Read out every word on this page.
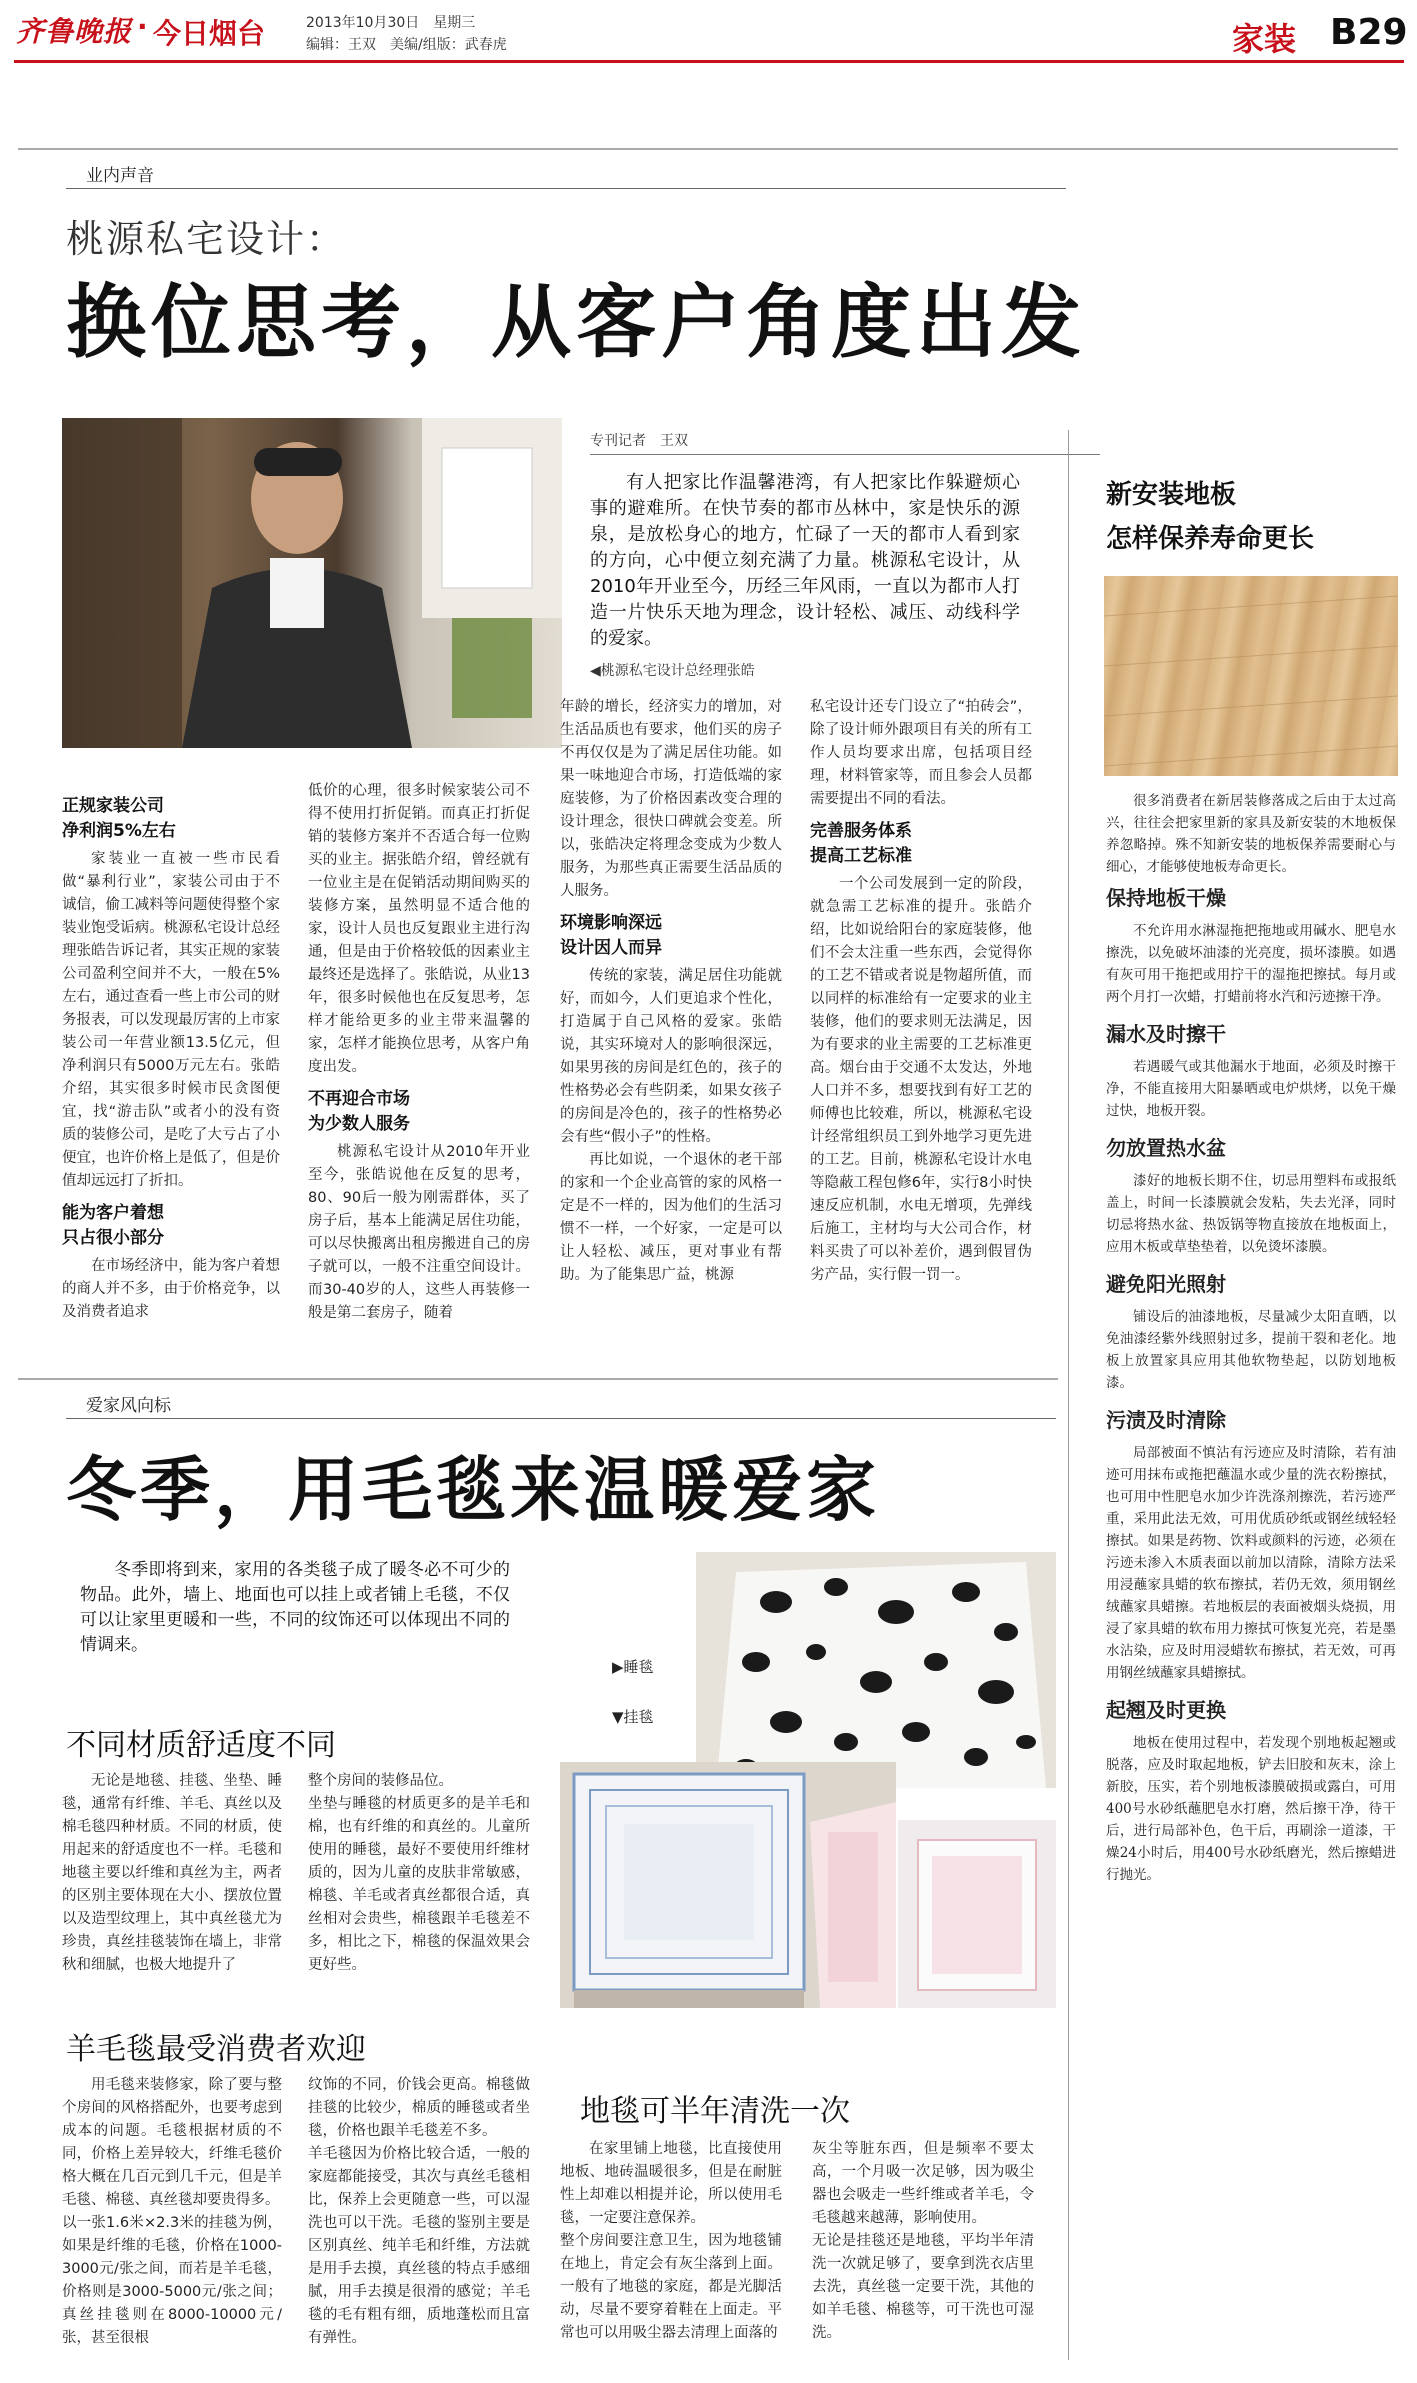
齐鲁晚报 · 今日烟台	2013年10月30日　星期三
编辑：王双　美编/组版：武春虎	家装 B29
业内声音
桃源私宅设计：
换位思考，从客户角度出发
专刊记者　王双
有人把家比作温馨港湾，有人把家比作躲避烦心事的避难所。在快节奏的都市丛林中，家是快乐的源泉，是放松身心的地方，忙碌了一天的都市人看到家的方向，心中便立刻充满了力量。桃源私宅设计，从2010年开业至今，历经三年风雨，一直以为都市人打造一片快乐天地为理念，设计轻松、减压、动线科学的爱家。
◀桃源私宅设计总经理张皓
正规家装公司
净利润5%左右

家装业一直被一些市民看做“暴利行业”，家装公司由于不诚信，偷工减料等问题使得整个家装业饱受诟病。桃源私宅设计总经理张皓告诉记者，其实正规的家装公司盈利空间并不大，一般在5%左右，通过查看一些上市公司的财务报表，可以发现最厉害的上市家装公司一年营业额13.5亿元，但净利润只有5000万元左右。张皓介绍，其实很多时候市民贪图便宜，找“游击队”或者小的没有资质的装修公司，是吃了大亏占了小便宜，也许价格上是低了，但是价值却远远打了折扣。

能为客户着想
只占很小部分

在市场经济中，能为客户着想的商人并不多，由于价格竞争，以及消费者追求

低价的心理，很多时候家装公司不得不使用打折促销。而真正打折促销的装修方案并不否适合每一位购买的业主。据张皓介绍，曾经就有一位业主是在促销活动期间购买的装修方案，虽然明显不适合他的家，设计人员也反复跟业主进行沟通，但是由于价格较低的因素业主最终还是选择了。张皓说，从业13年，很多时候他也在反复思考，怎样才能给更多的业主带来温馨的家，怎样才能换位思考，从客户角度出发。

不再迎合市场
为少数人服务

桃源私宅设计从2010年开业至今，张皓说他在反复的思考，80、90后一般为刚需群体，买了房子后，基本上能满足居住功能，可以尽快搬离出租房搬进自己的房子就可以，一般不注重空间设计。而30-40岁的人，这些人再装修一般是第二套房子，随着

年龄的增长，经济实力的增加，对生活品质也有要求，他们买的房子不再仅仅是为了满足居住功能。如果一味地迎合市场，打造低端的家庭装修，为了价格因素改变合理的设计理念，很快口碑就会变差。所以，张皓决定将理念变成为少数人服务，为那些真正需要生活品质的人服务。

环境影响深远
设计因人而异

传统的家装，满足居住功能就好，而如今，人们更追求个性化，打造属于自己风格的爱家。张皓说，其实环境对人的影响很深远，如果男孩的房间是红色的，孩子的性格势必会有些阴柔，如果女孩子的房间是冷色的，孩子的性格势必会有些“假小子”的性格。

再比如说，一个退休的老干部的家和一个企业高管的家的风格一定是不一样的，因为他们的生活习惯不一样，一个好家，一定是可以让人轻松、减压，更对事业有帮助。为了能集思广益，桃源

私宅设计还专门设立了“拍砖会”，除了设计师外跟项目有关的所有工作人员均要求出席，包括项目经理，材料管家等，而且参会人员都需要提出不同的看法。

完善服务体系
提高工艺标准

一个公司发展到一定的阶段，就急需工艺标准的提升。张皓介绍，比如说给阳台的家庭装修，他们不会太注重一些东西，会觉得你的工艺不错或者说是物超所值，而以同样的标准给有一定要求的业主装修，他们的要求则无法满足，因为有要求的业主需要的工艺标准更高。烟台由于交通不太发达，外地人口并不多，想要找到有好工艺的师傅也比较难，所以，桃源私宅设计经常组织员工到外地学习更先进的工艺。目前，桃源私宅设计水电等隐蔽工程包修6年，实行8小时快速反应机制，水电无增项，先弹线后施工，主材均与大公司合作，材料买贵了可以补差价，遇到假冒伪劣产品，实行假一罚一。

爱家风向标
冬季，用毛毯来温暖爱家
冬季即将到来，家用的各类毯子成了暖冬必不可少的物品。此外，墙上、地面也可以挂上或者铺上毛毯，不仅可以让家里更暖和一些，不同的纹饰还可以体现出不同的情调来。
▶睡毯
▼挂毯
不同材质舒适度不同
无论是地毯、挂毯、坐垫、睡毯，通常有纤维、羊毛、真丝以及棉毛毯四种材质。不同的材质，使用起来的舒适度也不一样。毛毯和地毯主要以纤维和真丝为主，两者的区别主要体现在大小、摆放位置以及造型纹理上，其中真丝毯尤为珍贵，真丝挂毯装饰在墙上，非常秋和细腻，也极大地提升了
整个房间的装修品位。
坐垫与睡毯的材质更多的是羊毛和棉，也有纤维的和真丝的。儿童所使用的睡毯，最好不要使用纤维材质的，因为儿童的皮肤非常敏感，棉毯、羊毛或者真丝都很合适，真丝相对会贵些，棉毯跟羊毛毯差不多，相比之下，棉毯的保温效果会更好些。
羊毛毯最受消费者欢迎
用毛毯来装修家，除了要与整个房间的风格搭配外，也要考虑到成本的问题。毛毯根据材质的不同，价格上差异较大，纤维毛毯价格大概在几百元到几千元，但是羊毛毯、棉毯、真丝毯却要贵得多。
以一张1.6米×2.3米的挂毯为例，如果是纤维的毛毯，价格在1000-3000元/张之间，而若是羊毛毯，价格则是3000-5000元/张之间；真丝挂毯则在8000-10000元/张，甚至很根
纹饰的不同，价钱会更高。棉毯做挂毯的比较少，棉质的睡毯或者坐毯，价格也跟羊毛毯差不多。
羊毛毯因为价格比较合适，一般的家庭都能接受，其次与真丝毛毯相比，保养上会更随意一些，可以湿洗也可以干洗。毛毯的鉴别主要是区别真丝、纯羊毛和纤维，方法就是用手去摸，真丝毯的特点手感细腻，用手去摸是很滑的感觉；羊毛毯的毛有粗有细，质地蓬松而且富有弹性。
地毯可半年清洗一次
在家里铺上地毯，比直接使用地板、地砖温暖很多，但是在耐脏性上却难以相提并论，所以使用毛毯，一定要注意保养。
整个房间要注意卫生，因为地毯铺在地上，肯定会有灰尘落到上面。一般有了地毯的家庭，都是光脚活动，尽量不要穿着鞋在上面走。平常也可以用吸尘器去清理上面落的
灰尘等脏东西，但是频率不要太高，一个月吸一次足够，因为吸尘器也会吸走一些纤维或者羊毛，令毛毯越来越薄，影响使用。
无论是挂毯还是地毯，平均半年清洗一次就足够了，要拿到洗衣店里去洗，真丝毯一定要干洗，其他的如羊毛毯、棉毯等，可干洗也可湿洗。
新安装地板
怎样保养寿命更长
很多消费者在新居装修落成之后由于太过高兴，往往会把家里新的家具及新安装的木地板保养忽略掉。殊不知新安装的地板保养需要耐心与细心，才能够使地板寿命更长。
保持地板干燥

不允许用水淋湿拖把拖地或用碱水、肥皂水擦洗，以免破坏油漆的光亮度，损坏漆膜。如遇有灰可用干拖把或用拧干的湿拖把擦拭。每月或两个月打一次蜡，打蜡前将水汽和污迹擦干净。

漏水及时擦干

若遇暖气或其他漏水于地面，必须及时擦干净，不能直接用大阳暴晒或电炉烘烤，以免干燥过快，地板开裂。

勿放置热水盆

漆好的地板长期不住，切忌用塑料布或报纸盖上，时间一长漆膜就会发粘，失去光泽，同时切忌将热水盆、热饭锅等物直接放在地板面上，应用木板或草垫垫着，以免烫坏漆膜。

避免阳光照射

铺设后的油漆地板，尽量减少太阳直晒，以免油漆经紫外线照射过多，提前干裂和老化。地板上放置家具应用其他软物垫起，以防划地板漆。

污渍及时清除

局部被面不慎沾有污迹应及时清除，若有油迹可用抹布或拖把蘸温水或少量的洗衣粉擦拭，也可用中性肥皂水加少许洗涤剂擦洗，若污迹严重，采用此法无效，可用优质砂纸或钢丝绒轻轻擦拭。如果是药物、饮料或颜料的污迹，必须在污迹未渗入木质表面以前加以清除，清除方法采用浸蘸家具蜡的软布擦拭，若仍无效，须用钢丝绒蘸家具蜡擦。若地板层的表面被烟头烧损，用浸了家具蜡的软布用力擦拭可恢复光亮，若是墨水沾染，应及时用浸蜡软布擦拭，若无效，可再用钢丝绒蘸家具蜡擦拭。

起翘及时更换

地板在使用过程中，若发现个别地板起翘或脱落，应及时取起地板，铲去旧胶和灰末，涂上新胶，压实，若个别地板漆膜破损或露白，可用400号水砂纸蘸肥皂水打磨，然后擦干净，待干后，进行局部补色，色干后，再刷涂一道漆，干燥24小时后，用400号水砂纸磨光，然后擦蜡进行抛光。
